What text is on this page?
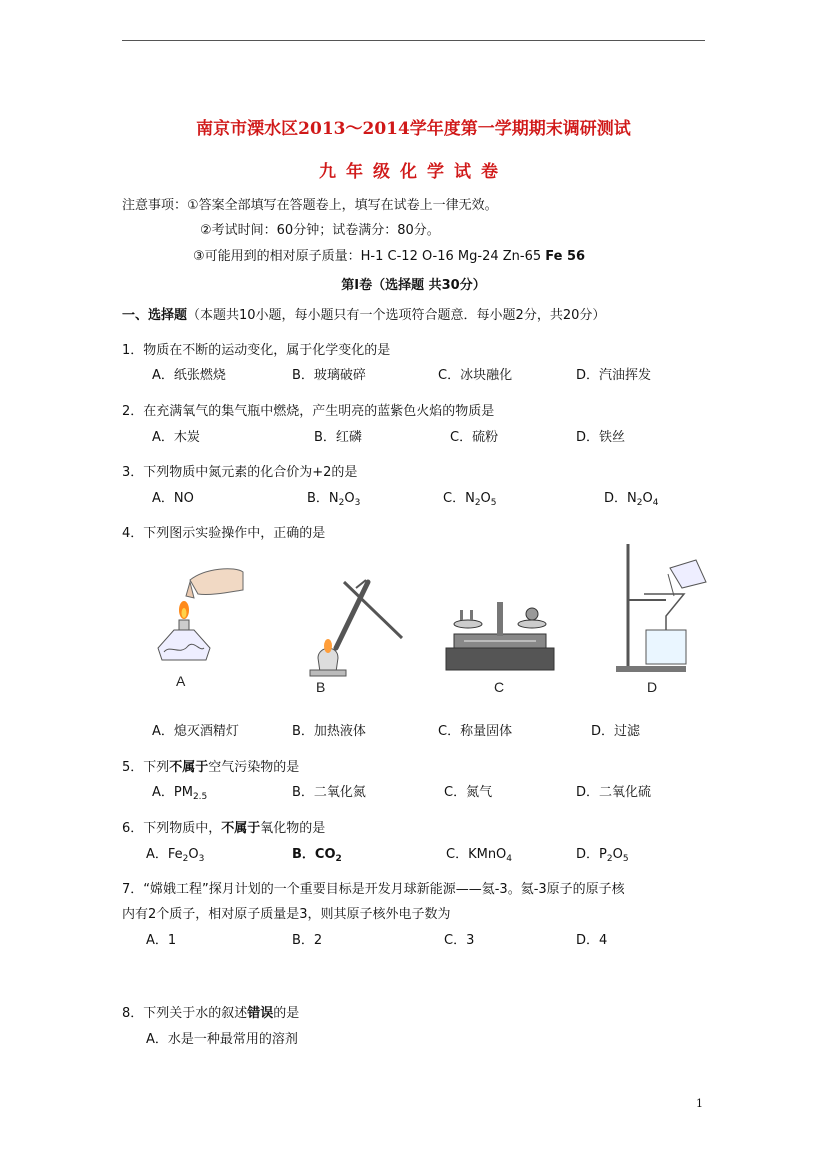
南京市溧水区2013～2014学年度第一学期期末调研测试
九年级化学试卷
注意事项：①答案全部填写在答题卷上，填写在试卷上一律无效。
②考试时间：60分钟；试卷满分：80分。
③可能用到的相对原子质量：H-1 C-12 O-16 Mg-24 Zn-65 Fe 56
第Ⅰ卷（选择题 共30分）
一、选择题（本题共10小题，每小题只有一个选项符合题意．每小题2分，共20分）
1．物质在不断的运动变化，属于化学变化的是
A．纸张燃烧	B．玻璃破碎	C．冰块融化	D．汽油挥发
2．在充满氧气的集气瓶中燃烧，产生明亮的蓝紫色火焰的物质是
A．木炭	B．红磷	C．硫粉	D．铁丝
3．下列物质中氮元素的化合价为+2的是
A．NO	B．$N_2O_3$	C．$N_2O_5$	D．$N_2O_4$
4．下列图示实验操作中，正确的是
A	B	C	D
A．熄灭酒精灯	B．加热液体	C．称量固体	D．过滤
5．下列不属于空气污染物的是
A．$PM_{2.5}$	B．二氧化氮	C．氮气	D．二氧化硫
6．下列物质中，不属于氧化物的是
A．$Fe_2O_3$	B．$CO_2$	C．KMnO$_4$	D．$P_2O_5$
7．“嫦娥工程”探月计划的一个重要目标是开发月球新能源——氦-3。氦-3原子的原子核
内有2个质子，相对原子质量是3，则其原子核外电子数为
A．1	B．2	C．3	D．4
8．下列关于水的叙述错误的是
A．水是一种最常用的溶剂
1
